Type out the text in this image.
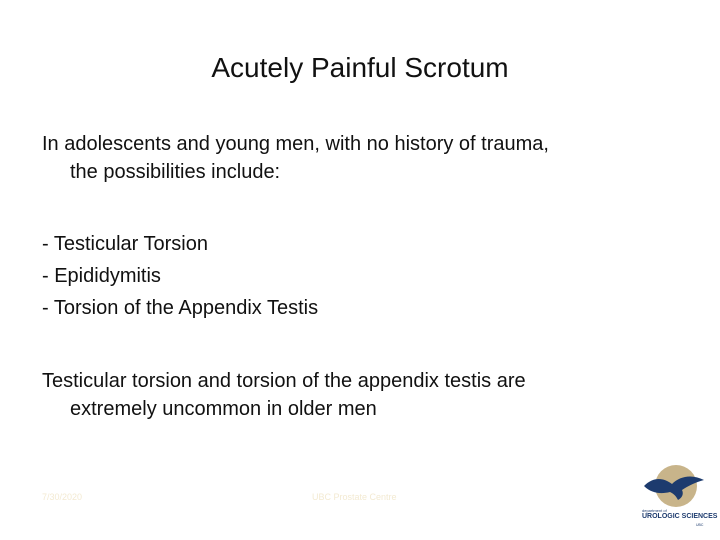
Acutely Painful Scrotum
In adolescents and young men, with no history of trauma,
the possibilities include:
- Testicular Torsion
- Epididymitis
- Torsion of the Appendix Testis
Testicular torsion and torsion of the appendix testis are
extremely uncommon in older men
7/30/2020	UBC Prostate Centre
department of
UROLOGIC SCIENCES
UBC
